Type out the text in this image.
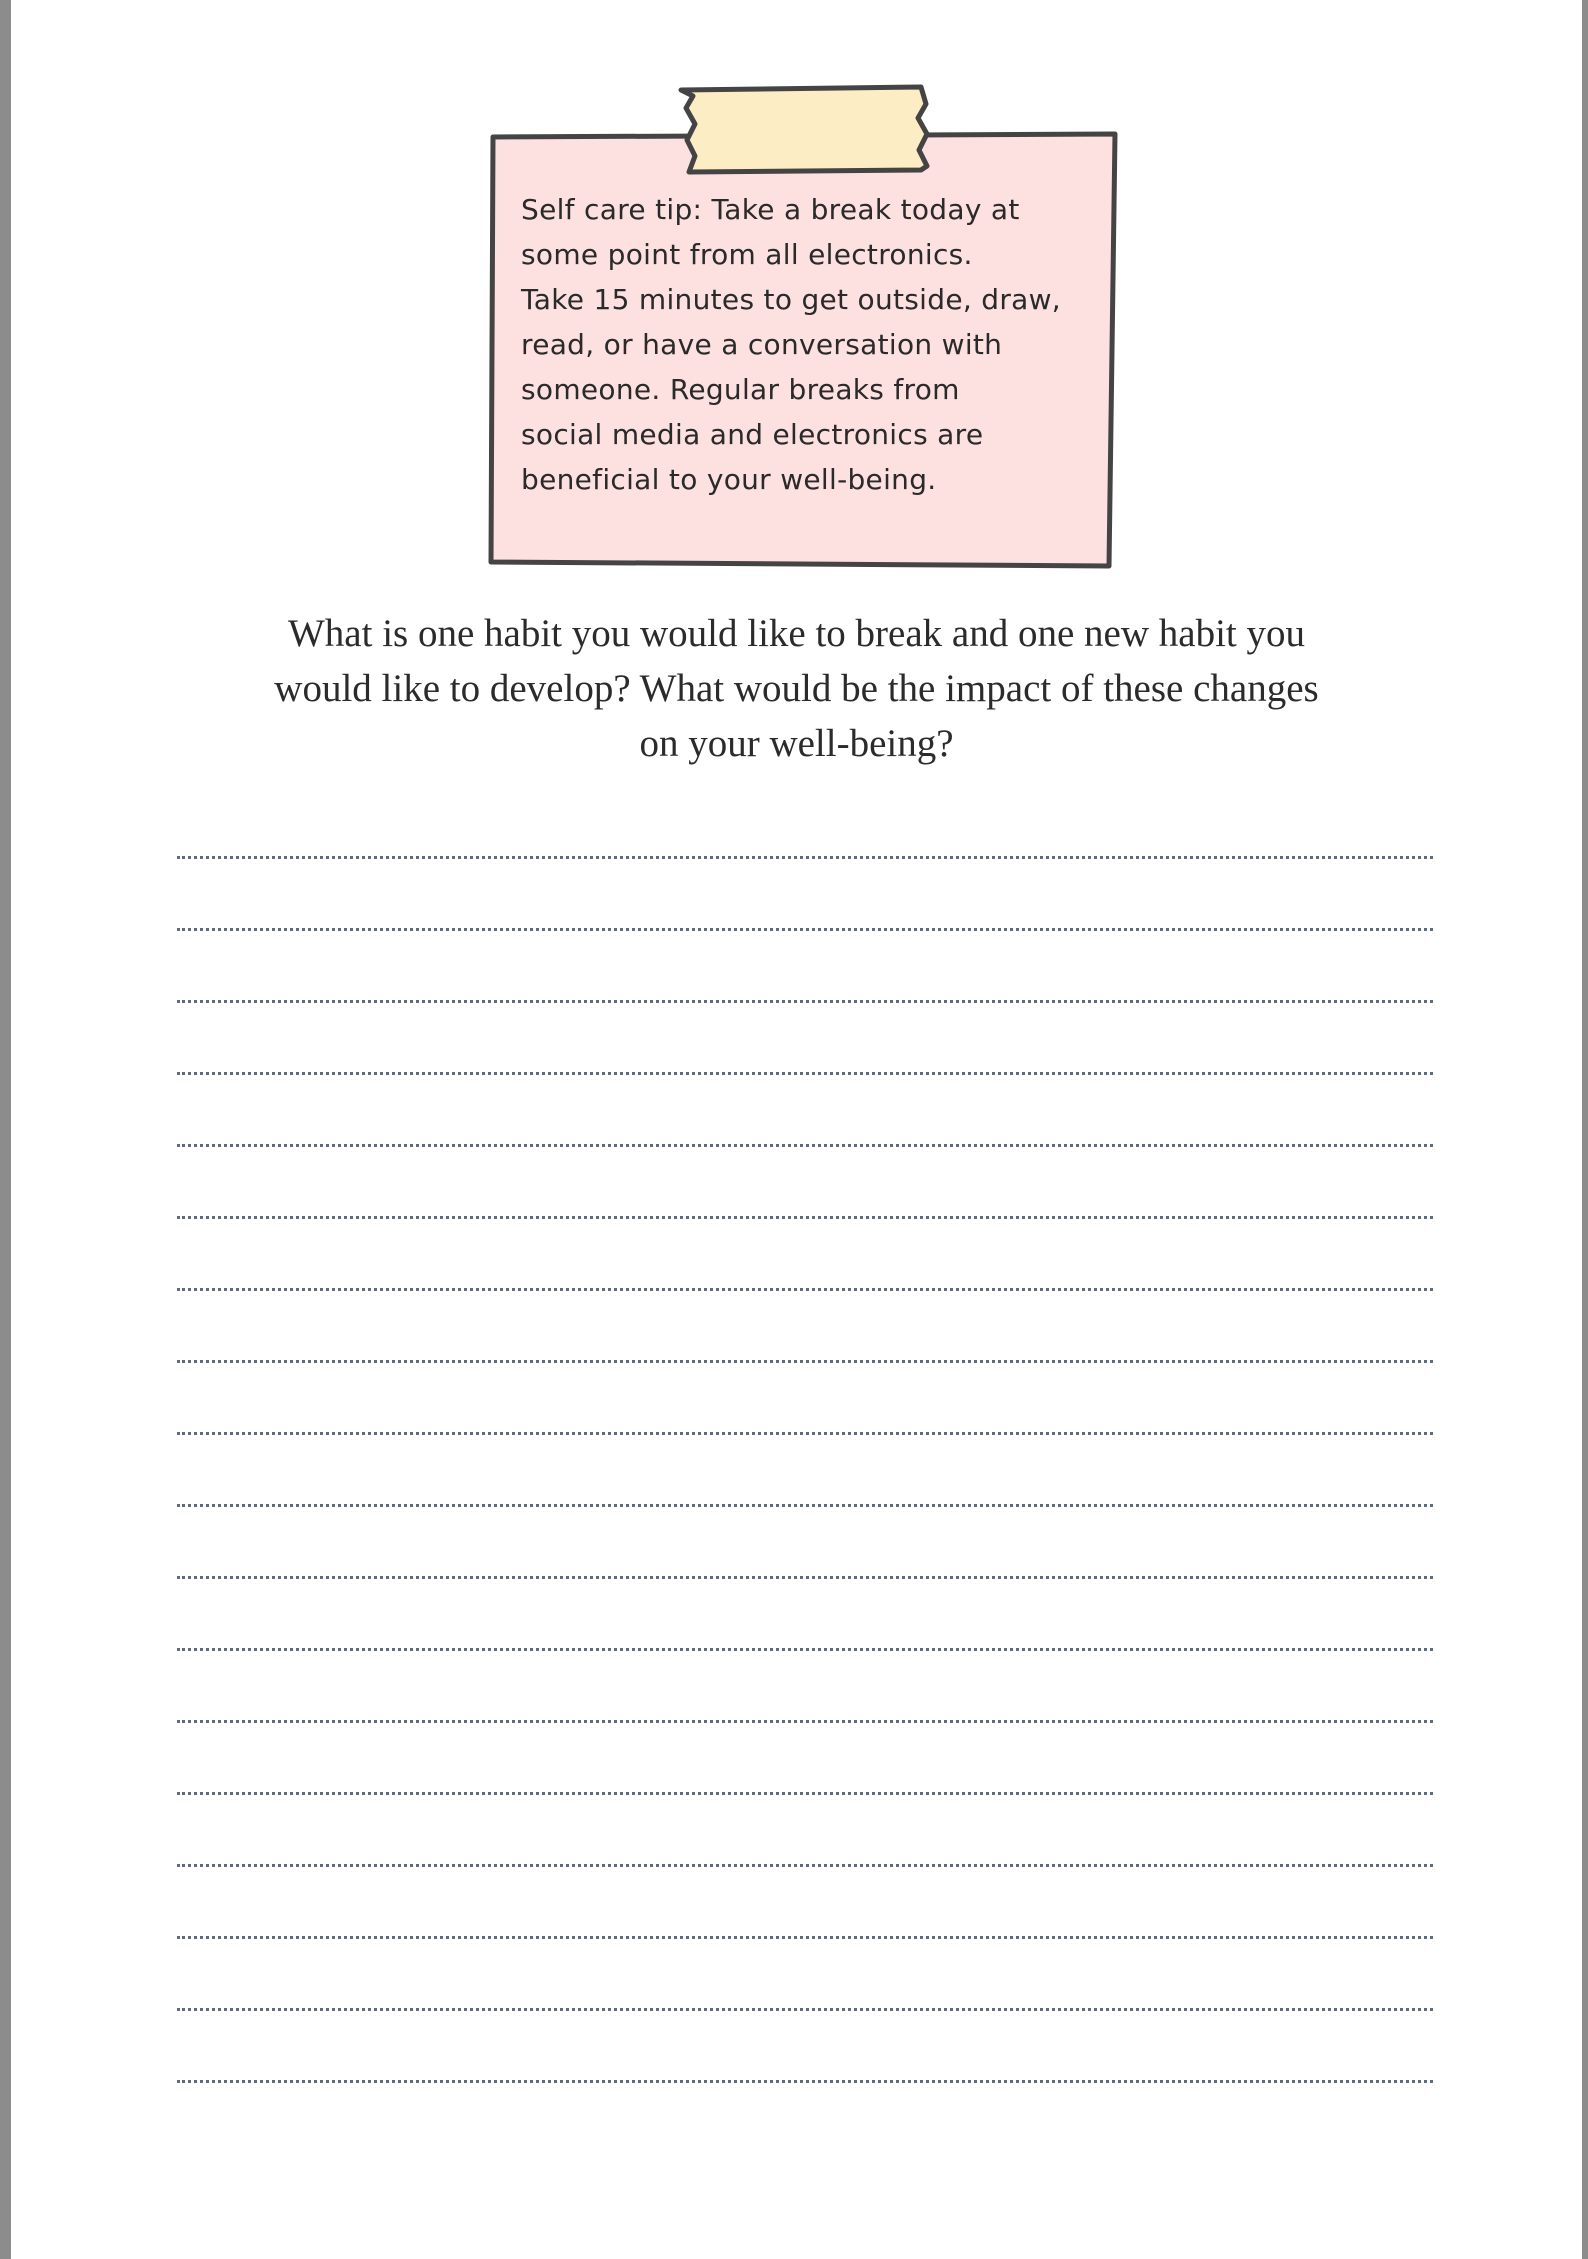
Self care tip: Take a break today at
some point from all electronics.
Take 15 minutes to get outside, draw,
read, or have a conversation with
someone. Regular breaks from
social media and electronics are
beneficial to your well-being.
What is one habit you would like to break and one new habit you
would like to develop? What would be the impact of these changes
on your well-being?
